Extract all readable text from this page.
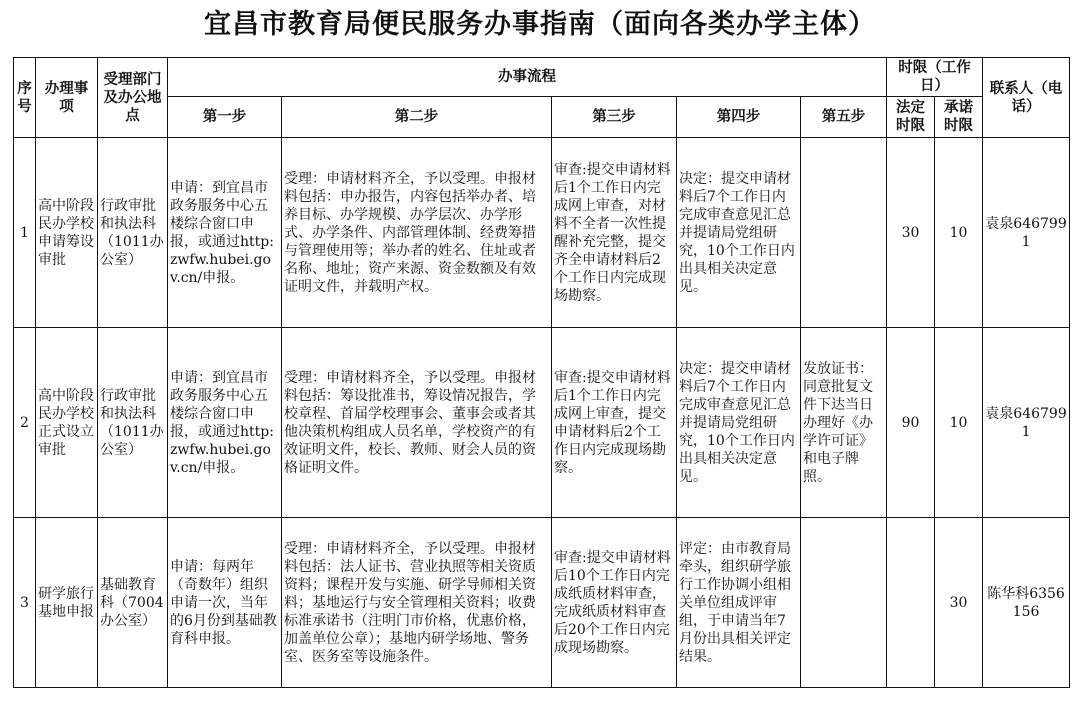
宜昌市教育局便民服务办事指南（面向各类办学主体）
序号	办理事项	受理部门及办公地点	办事流程					时限（工作日）		联系人（电话）
			第一步	第二步	第三步	第四步	第五步	法定时限	承诺时限	
1	高中阶段民办学校申请筹设审批	行政审批和执法科（1011办公室）	申请：到宜昌市政务服务中心五楼综合窗口申报，或通过http:zwfw.hubei.gov.cn/申报。	受理：申请材料齐全，予以受理。申报材料包括：申办报告，内容包括举办者、培养目标、办学规模、办学层次、办学形式、办学条件、内部管理体制、经费筹措与管理使用等；举办者的姓名、住址或者名称、地址；资产来源、资金数额及有效证明文件，并载明产权。	审查:提交申请材料后1个工作日内完成网上审查，对材料不全者一次性提醒补充完整，提交齐全申请材料后2个工作日内完成现场勘察。	决定：提交申请材料后7个工作日内完成审查意见汇总并提请局党组研究，10个工作日内出具相关决定意见。		30	10	袁泉6467991
2	高中阶段民办学校正式设立审批	行政审批和执法科（1011办公室）	申请：到宜昌市政务服务中心五楼综合窗口申报，或通过http:zwfw.hubei.gov.cn/申报。	受理：申请材料齐全，予以受理。申报材料包括：筹设批准书，筹设情况报告，学校章程、首届学校理事会、董事会或者其他决策机构组成人员名单，学校资产的有效证明文件，校长、教师、财会人员的资格证明文件。	审查:提交申请材料后1个工作日内完成网上审查，提交申请材料后2个工作日内完成现场勘察。	决定：提交申请材料后7个工作日内完成审查意见汇总并提请局党组研究，10个工作日内出具相关决定意见。	发放证书：同意批复文件下达当日办理好《办学许可证》和电子牌照。	90	10	袁泉6467991
3	研学旅行基地申报	基础教育科（7004办公室）	申请：每两年（奇数年）组织申请一次，当年的6月份到基础教育科申报。	受理：申请材料齐全，予以受理。申报材料包括：法人证书、营业执照等相关资质资料；课程开发与实施、研学导师相关资料；基地运行与安全管理相关资料；收费标准承诺书（注明门市价格，优惠价格，加盖单位公章）；基地内研学场地、警务室、医务室等设施条件。	审查:提交申请材料后10个工作日内完成纸质材料审查，完成纸质材料审查后20个工作日内完成现场勘察。	评定：由市教育局牵头，组织研学旅行工作协调小组相关单位组成评审组，于申请当年7月份出具相关评定结果。			30	陈华科6356156
